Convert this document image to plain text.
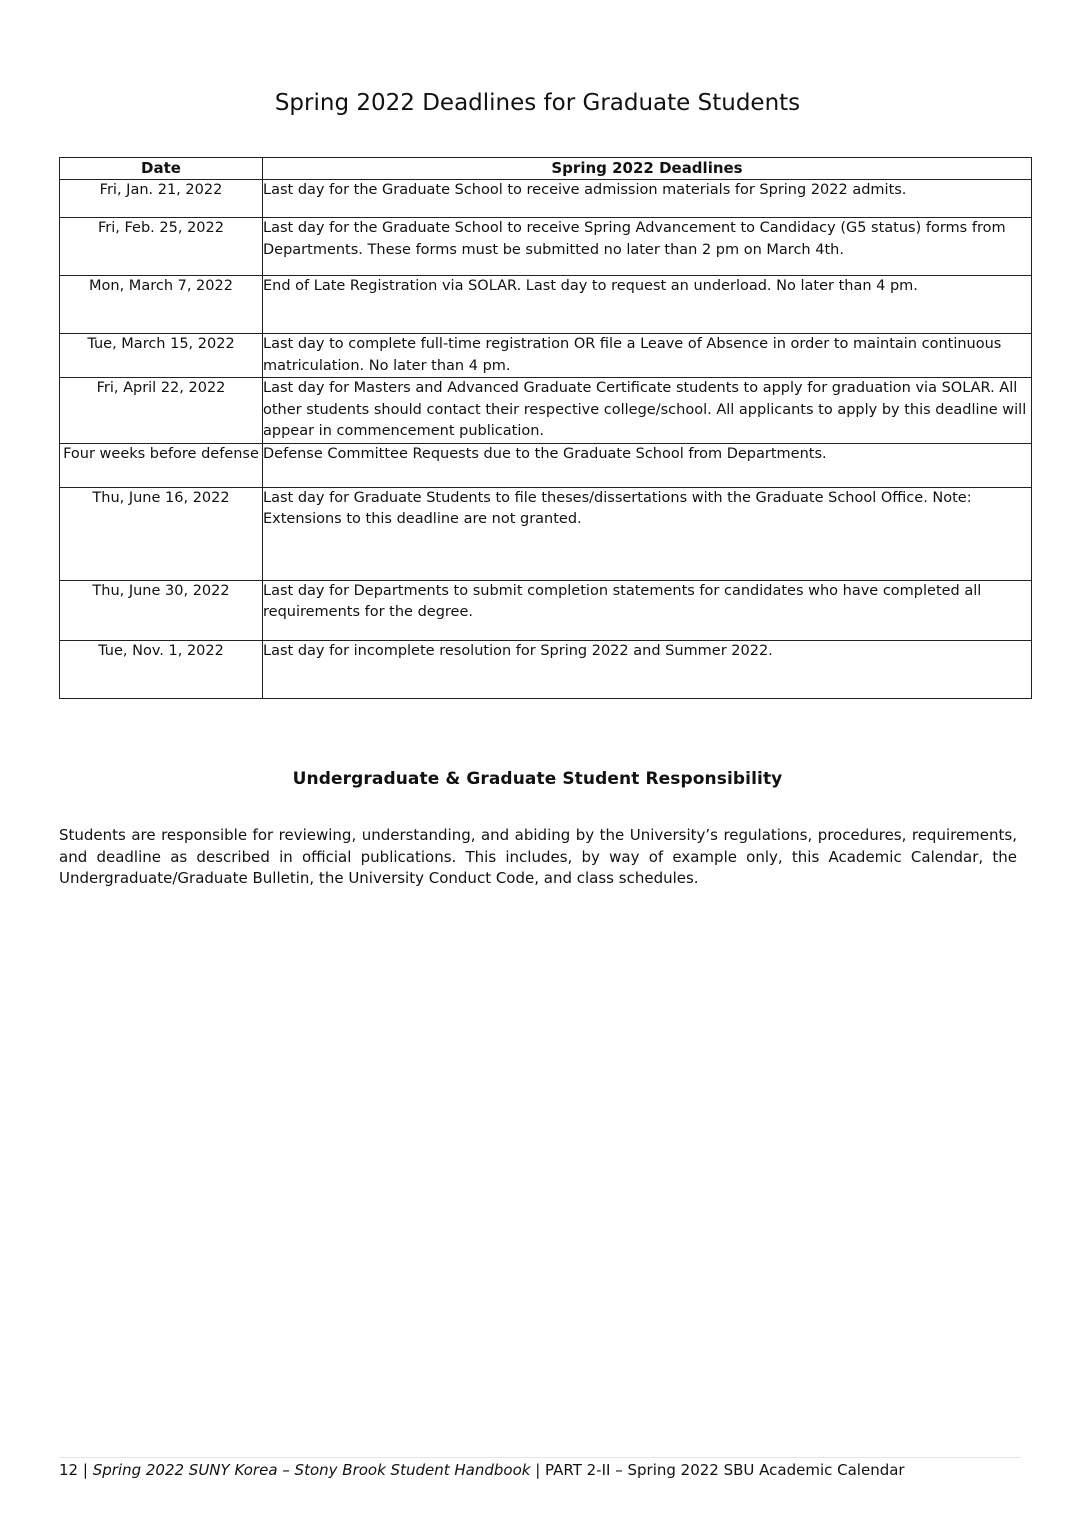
Spring 2022 Deadlines for Graduate Students
Date	Spring 2022 Deadlines
Fri, Jan. 21, 2022	Last day for the Graduate School to receive admission materials for Spring 2022 admits.
Fri, Feb. 25, 2022	Last day for the Graduate School to receive Spring Advancement to Candidacy (G5 status) forms from Departments. These forms must be submitted no later than 2 pm on March 4th.
Mon, March 7, 2022	End of Late Registration via SOLAR. Last day to request an underload. No later than 4 pm.
Tue, March 15, 2022	Last day to complete full-time registration OR file a Leave of Absence in order to maintain continuous matriculation. No later than 4 pm.
Fri, April 22, 2022	Last day for Masters and Advanced Graduate Certificate students to apply for graduation via SOLAR. All other students should contact their respective college/school. All applicants to apply by this deadline will appear in commencement publication.
Four weeks before defense	Defense Committee Requests due to the Graduate School from Departments.
Thu, June 16, 2022	Last day for Graduate Students to file theses/dissertations with the Graduate School Office. Note: Extensions to this deadline are not granted.
Thu, June 30, 2022	Last day for Departments to submit completion statements for candidates who have completed all requirements for the degree.
Tue, Nov. 1, 2022	Last day for incomplete resolution for Spring 2022 and Summer 2022.
Undergraduate & Graduate Student Responsibility
Students are responsible for reviewing, understanding, and abiding by the University’s regulations, procedures, requirements, and deadline as described in official publications. This includes, by way of example only, this Academic Calendar, the Undergraduate/Graduate Bulletin, the University Conduct Code, and class schedules.
12 | Spring 2022 SUNY Korea – Stony Brook Student Handbook | PART 2-II – Spring 2022 SBU Academic Calendar
